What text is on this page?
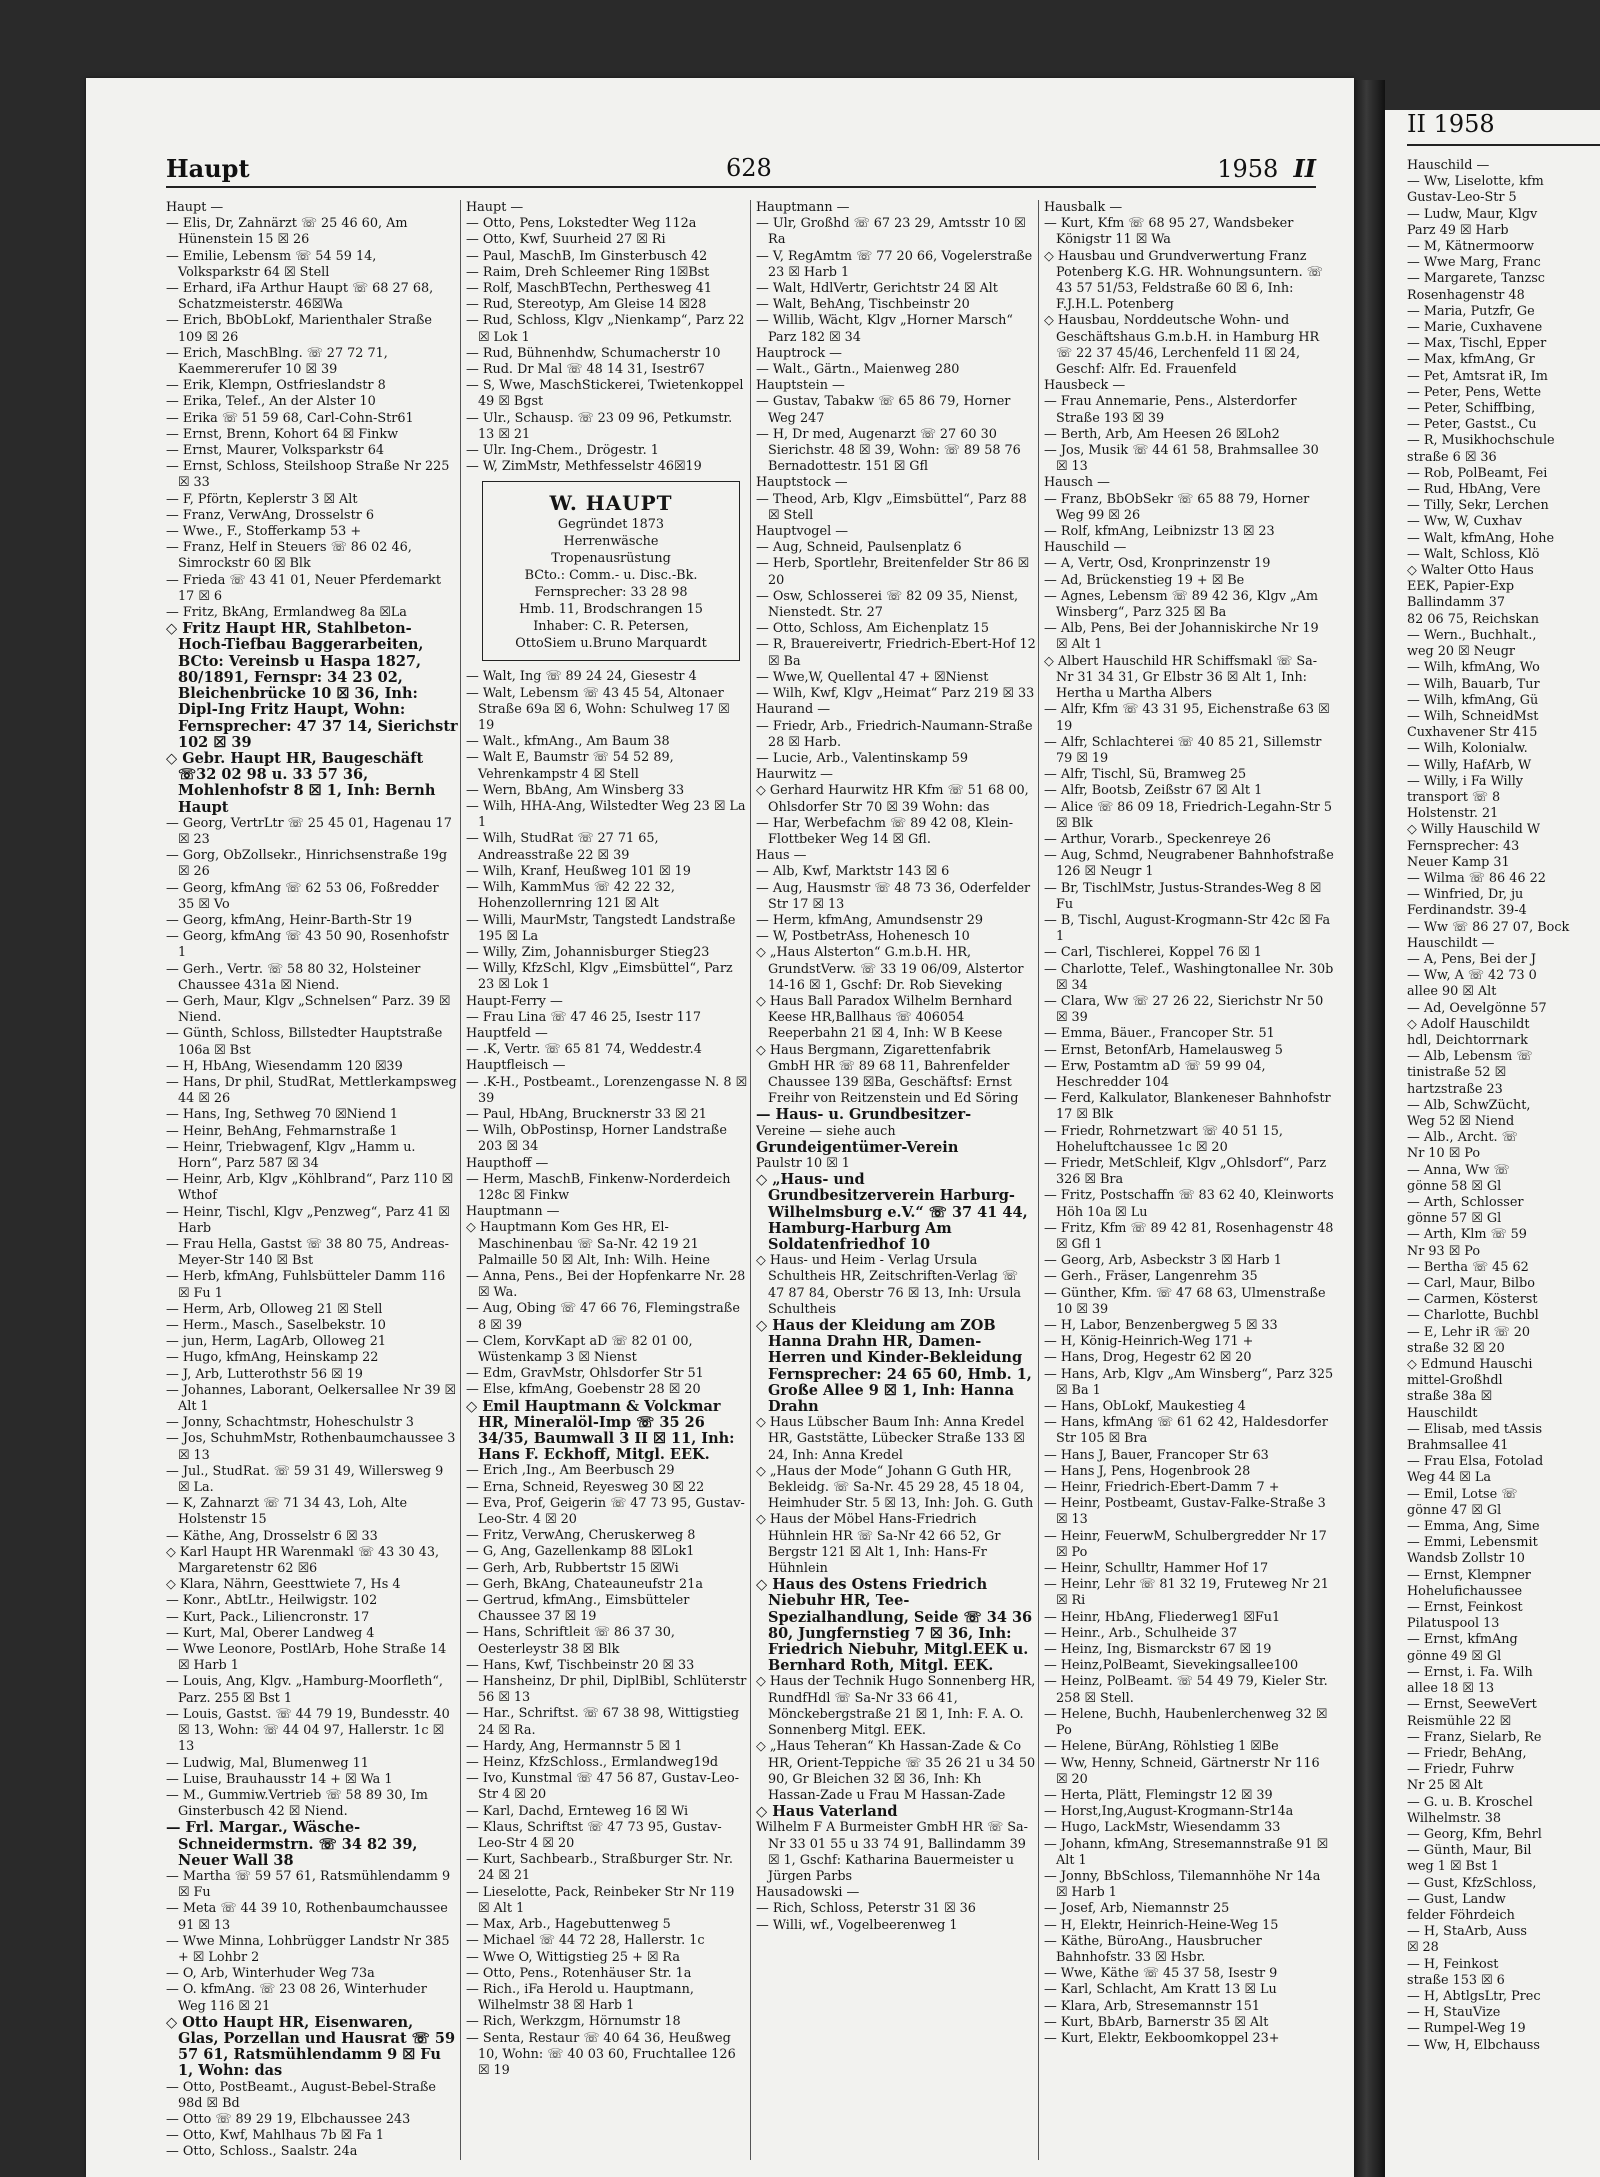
Haupt	628	1958 II

Haupt —

— Elis, Dr, Zahnärzt ☏ 25 46 60, Am Hünenstein 15 ☒ 26

— Emilie, Lebensm ☏ 54 59 14, Volksparkstr 64 ☒ Stell

— Erhard, iFa Arthur Haupt ☏ 68 27 68, Schatzmeisterstr. 46☒Wa

— Erich, BbObLokf, Marienthaler Straße 109 ☒ 26

— Erich, MaschBlng. ☏ 27 72 71, Kaemmererufer 10 ☒ 39

— Erik, Klempn, Ostfrieslandstr 8

— Erika, Telef., An der Alster 10

— Erika ☏ 51 59 68, Carl-Cohn-Str61

— Ernst, Brenn, Kohort 64 ☒ Finkw

— Ernst, Maurer, Volksparkstr 64

— Ernst, Schloss, Steilshoop Straße Nr 225 ☒ 33

— F, Pförtn, Keplerstr 3 ☒ Alt

— Franz, VerwAng, Drosselstr 6

— Wwe., F., Stofferkamp 53 +

— Franz, Helf in Steuers ☏ 86 02 46, Simrockstr 60 ☒ Blk

— Frieda ☏ 43 41 01, Neuer Pferdemarkt 17 ☒ 6

— Fritz, BkAng, Ermlandweg 8a ☒La

◇ Fritz Haupt HR, Stahlbeton-Hoch-Tiefbau Baggerarbeiten, BCto: Vereinsb u Haspa 1827, 80/1891, Fernspr: 34 23 02, Bleichenbrücke 10 ☒ 36, Inh: Dipl-Ing Fritz Haupt, Wohn: Fernsprecher: 47 37 14, Sierichstr 102 ☒ 39

◇ Gebr. Haupt HR, Baugeschäft ☏32 02 98 u. 33 57 36, Mohlenhofstr 8 ☒ 1, Inh: Bernh Haupt

— Georg, VertrLtr ☏ 25 45 01, Hagenau 17 ☒ 23

— Gorg, ObZollsekr., Hinrichsenstraße 19g ☒ 26

— Georg, kfmAng ☏ 62 53 06, Foßredder 35 ☒ Vo

— Georg, kfmAng, Heinr-Barth-Str 19

— Georg, kfmAng ☏ 43 50 90, Rosenhofstr 1

— Gerh., Vertr. ☏ 58 80 32, Holsteiner Chaussee 431a ☒ Niend.

— Gerh, Maur, Klgv „Schnelsen“ Parz. 39 ☒ Niend.

— Günth, Schloss, Billstedter Hauptstraße 106a ☒ Bst

— H, HbAng, Wiesendamm 120 ☒39

— Hans, Dr phil, StudRat, Mettlerkampsweg 44 ☒ 26

— Hans, Ing, Sethweg 70 ☒Niend 1

— Heinr, BehAng, Fehmarnstraße 1

— Heinr, Triebwagenf, Klgv „Hamm u. Horn“, Parz 587 ☒ 34

— Heinr, Arb, Klgv „Köhlbrand“, Parz 110 ☒ Wthof

— Heinr, Tischl, Klgv „Penzweg“, Parz 41 ☒ Harb

— Frau Hella, Gastst ☏ 38 80 75, Andreas-Meyer-Str 140 ☒ Bst

— Herb, kfmAng, Fuhlsbütteler Damm 116 ☒ Fu 1

— Herm, Arb, Olloweg 21 ☒ Stell

— Herm., Masch., Saselbekstr. 10

— jun, Herm, LagArb, Olloweg 21

— Hugo, kfmAng, Heinskamp 22

— J, Arb, Lutterothstr 56 ☒ 19

— Johannes, Laborant, Oelkersallee Nr 39 ☒ Alt 1

— Jonny, Schachtmstr, Hoheschulstr 3

— Jos, SchuhmMstr, Rothenbaumchaussee 3 ☒ 13

— Jul., StudRat. ☏ 59 31 49, Willersweg 9 ☒ La.

— K, Zahnarzt ☏ 71 34 43, Loh, Alte Holstenstr 15

— Käthe, Ang, Drosselstr 6 ☒ 33

◇ Karl Haupt HR Warenmakl ☏ 43 30 43, Margaretenstr 62 ☒6

◇ Klara, Nährn, Geesttwiete 7, Hs 4

— Konr., AbtLtr., Heilwigstr. 102

— Kurt, Pack., Liliencronstr. 17

— Kurt, Mal, Oberer Landweg 4

— Wwe Leonore, PostlArb, Hohe Straße 14 ☒ Harb 1

— Louis, Ang, Klgv. „Hamburg-Moorfleth“, Parz. 255 ☒ Bst 1

— Louis, Gastst. ☏ 44 79 19, Bundesstr. 40 ☒ 13, Wohn: ☏ 44 04 97, Hallerstr. 1c ☒ 13

— Ludwig, Mal, Blumenweg 11

— Luise, Brauhausstr 14 + ☒ Wa 1

— M., Gummiw.Vertrieb ☏ 58 89 30, Im Ginsterbusch 42 ☒ Niend.

— Frl. Margar., Wäsche-Schneidermstrn. ☏ 34 82 39, Neuer Wall 38

— Martha ☏ 59 57 61, Ratsmühlendamm 9 ☒ Fu

— Meta ☏ 44 39 10, Rothenbaumchaussee 91 ☒ 13

— Wwe Minna, Lohbrügger Landstr Nr 385 + ☒ Lohbr 2

— O, Arb, Winterhuder Weg 73a

— O. kfmAng. ☏ 23 08 26, Winterhuder Weg 116 ☒ 21

◇ Otto Haupt HR, Eisenwaren, Glas, Porzellan und Hausrat ☏ 59 57 61, Ratsmühlendamm 9 ☒ Fu 1, Wohn: das

— Otto, PostBeamt., August-Bebel-Straße 98d ☒ Bd

— Otto ☏ 89 29 19, Elbchaussee 243

— Otto, Kwf, Mahlhaus 7b ☒ Fa 1

— Otto, Schloss., Saalstr. 24a

Haupt —

— Otto, Pens, Lokstedter Weg 112a

— Otto, Kwf, Suurheid 27 ☒ Ri

— Paul, MaschB, Im Ginsterbusch 42

— Raim, Dreh Schleemer Ring 1☒Bst

— Rolf, MaschBTechn, Perthesweg 41

— Rud, Stereotyp, Am Gleise 14 ☒28

— Rud, Schloss, Klgv „Nienkamp“, Parz 22 ☒ Lok 1

— Rud, Bühnenhdw, Schumacherstr 10

— Rud. Dr Mal ☏ 48 14 31, Isestr67

— S, Wwe, MaschStickerei, Twietenkoppel 49 ☒ Bgst

— Ulr., Schausp. ☏ 23 09 96, Petkumstr. 13 ☒ 21

— Ulr. Ing-Chem., Drögestr. 1

— W, ZimMstr, Methfesselstr 46☒19

W. HAUPT
Gegründet 1873
Herrenwäsche
Tropenausrüstung
BCto.: Comm.- u. Disc.-Bk.
Fernsprecher: 33 28 98
Hmb. 11, Brodschrangen 15
Inhaber: C. R. Petersen,
OttoSiem u.Bruno Marquardt

— Walt, Ing ☏ 89 24 24, Giesestr 4

— Walt, Lebensm ☏ 43 45 54, Altonaer Straße 69a ☒ 6, Wohn: Schulweg 17 ☒ 19

— Walt., kfmAng., Am Baum 38

— Walt E, Baumstr ☏ 54 52 89, Vehrenkampstr 4 ☒ Stell

— Wern, BbAng, Am Winsberg 33

— Wilh, HHA-Ang, Wilstedter Weg 23 ☒ La 1

— Wilh, StudRat ☏ 27 71 65, Andreasstraße 22 ☒ 39

— Wilh, Kranf, Heußweg 101 ☒ 19

— Wilh, KammMus ☏ 42 22 32, Hohenzollernring 121 ☒ Alt

— Willi, MaurMstr, Tangstedt Landstraße 195 ☒ La

— Willy, Zim, Johannisburger Stieg23

— Willy, KfzSchl, Klgv „Eimsbüttel“, Parz 23 ☒ Lok 1

Haupt-Ferry —

— Frau Lina ☏ 47 46 25, Isestr 117

Hauptfeld —

— .K, Vertr. ☏ 65 81 74, Weddestr.4

Hauptfleisch —

— .K-H., Postbeamt., Lorenzengasse N. 8 ☒ 39

— Paul, HbAng, Brucknerstr 33 ☒ 21

— Wilh, ObPostinsp, Horner Landstraße 203 ☒ 34

Haupthoff —

— Herm, MaschB, Finkenw-Norderdeich 128c ☒ Finkw

Hauptmann —

◇ Hauptmann Kom Ges HR, El-Maschinenbau ☏ Sa-Nr. 42 19 21 Palmaille 50 ☒ Alt, Inh: Wilh. Heine

— Anna, Pens., Bei der Hopfenkarre Nr. 28 ☒ Wa.

— Aug, Obing ☏ 47 66 76, Flemingstraße 8 ☒ 39

— Clem, KorvKapt aD ☏ 82 01 00, Wüstenkamp 3 ☒ Nienst

— Edm, GravMstr, Ohlsdorfer Str 51

— Else, kfmAng, Goebenstr 28 ☒ 20

◇ Emil Hauptmann & Volckmar HR, Mineralöl-Imp ☏ 35 26 34/35, Baumwall 3 II ☒ 11, Inh: Hans F. Eckhoff, Mitgl. EEK.

— Erich ,Ing., Am Beerbusch 29

— Erna, Schneid, Reyesweg 30 ☒ 22

— Eva, Prof, Geigerin ☏ 47 73 95, Gustav-Leo-Str. 4 ☒ 20

— Fritz, VerwAng, Cheruskerweg 8

— G, Ang, Gazellenkamp 88 ☒Lok1

— Gerh, Arb, Rubbertstr 15 ☒Wi

— Gerh, BkAng, Chateauneufstr 21a

— Gertrud, kfmAng., Eimsbütteler Chaussee 37 ☒ 19

— Hans, Schriftleit ☏ 86 37 30, Oesterleystr 38 ☒ Blk

— Hans, Kwf, Tischbeinstr 20 ☒ 33

— Hansheinz, Dr phil, DiplBibl, Schlüterstr 56 ☒ 13

— Har., Schriftst. ☏ 67 38 98, Wittigstieg 24 ☒ Ra.

— Hardy, Ang, Hermannstr 5 ☒ 1

— Heinz, KfzSchloss., Ermlandweg19d

— Ivo, Kunstmal ☏ 47 56 87, Gustav-Leo-Str 4 ☒ 20

— Karl, Dachd, Ernteweg 16 ☒ Wi

— Klaus, Schriftst ☏ 47 73 95, Gustav-Leo-Str 4 ☒ 20

— Kurt, Sachbearb., Straßburger Str. Nr. 24 ☒ 21

— Lieselotte, Pack, Reinbeker Str Nr 119 ☒ Alt 1

— Max, Arb., Hagebuttenweg 5

— Michael ☏ 44 72 28, Hallerstr. 1c

— Wwe O, Wittigstieg 25 + ☒ Ra

— Otto, Pens., Rotenhäuser Str. 1a

— Rich., iFa Herold u. Hauptmann, Wilhelmstr 38 ☒ Harb 1

— Rich, Werkzgm, Hörnumstr 18

— Senta, Restaur ☏ 40 64 36, Heußweg 10, Wohn: ☏ 40 03 60, Fruchtallee 126 ☒ 19

Hauptmann —

— Ulr, Großhd ☏ 67 23 29, Amtsstr 10 ☒ Ra

— V, RegAmtm ☏ 77 20 66, Vogelerstraße 23 ☒ Harb 1

— Walt, HdlVertr, Gerichtstr 24 ☒ Alt

— Walt, BehAng, Tischbeinstr 20

— Willib, Wächt, Klgv „Horner Marsch“ Parz 182 ☒ 34

Hauptrock —

— Walt., Gärtn., Maienweg 280

Hauptstein —

— Gustav, Tabakw ☏ 65 86 79, Horner Weg 247

— H, Dr med, Augenarzt ☏ 27 60 30 Sierichstr. 48 ☒ 39, Wohn: ☏ 89 58 76 Bernadottestr. 151 ☒ Gfl

Hauptstock —

— Theod, Arb, Klgv „Eimsbüttel“, Parz 88 ☒ Stell

Hauptvogel —

— Aug, Schneid, Paulsenplatz 6

— Herb, Sportlehr, Breitenfelder Str 86 ☒ 20

— Osw, Schlosserei ☏ 82 09 35, Nienst, Nienstedt. Str. 27

— Otto, Schloss, Am Eichenplatz 15

— R, Brauereivertr, Friedrich-Ebert-Hof 12 ☒ Ba

— Wwe,W, Quellental 47 + ☒Nienst

— Wilh, Kwf, Klgv „Heimat“ Parz 219 ☒ 33

Haurand —

— Friedr, Arb., Friedrich-Naumann-Straße 28 ☒ Harb.

— Lucie, Arb., Valentinskamp 59

Haurwitz —

◇ Gerhard Haurwitz HR Kfm ☏ 51 68 00, Ohlsdorfer Str 70 ☒ 39 Wohn: das

— Har, Werbefachm ☏ 89 42 08, Klein-Flottbeker Weg 14 ☒ Gfl.

Haus —

— Alb, Kwf, Marktstr 143 ☒ 6

— Aug, Hausmstr ☏ 48 73 36, Oderfelder Str 17 ☒ 13

— Herm, kfmAng, Amundsenstr 29

— W, PostbetrAss, Hohenesch 10

◇ „Haus Alsterton“ G.m.b.H. HR, GrundstVerw. ☏ 33 19 06/09, Alstertor 14-16 ☒ 1, Gschf: Dr. Rob Sieveking

◇ Haus Ball Paradox Wilhelm Bernhard Keese HR,Ballhaus ☏ 406054 Reeperbahn 21 ☒ 4, Inh: W B Keese

◇ Haus Bergmann, Zigarettenfabrik GmbH HR ☏ 89 68 11, Bahrenfelder Chaussee 139 ☒Ba, Geschäftsf: Ernst Freihr von Reitzenstein und Ed Söring

— Haus- u. Grundbesitzer-

Vereine — siehe auch

Grundeigentümer-Verein

Paulstr 10 ☒ 1

◇ „Haus- und Grundbesitzerverein Harburg-Wilhelmsburg e.V.“ ☏ 37 41 44, Hamburg-Harburg Am Soldatenfriedhof 10

◇ Haus- und Heim - Verlag Ursula Schultheis HR, Zeitschriften-Verlag ☏ 47 87 84, Oberstr 76 ☒ 13, Inh: Ursula Schultheis

◇ Haus der Kleidung am ZOB Hanna Drahn HR, Damen-Herren und Kinder-Bekleidung Fernsprecher: 24 65 60, Hmb. 1, Große Allee 9 ☒ 1, Inh: Hanna Drahn

◇ Haus Lübscher Baum Inh: Anna Kredel HR, Gaststätte, Lübecker Straße 133 ☒ 24, Inh: Anna Kredel

◇ „Haus der Mode“ Johann G Guth HR, Bekleidg. ☏ Sa-Nr. 45 29 28, 45 18 04, Heimhuder Str. 5 ☒ 13, Inh: Joh. G. Guth

◇ Haus der Möbel Hans-Friedrich Hühnlein HR ☏ Sa-Nr 42 66 52, Gr Bergstr 121 ☒ Alt 1, Inh: Hans-Fr Hühnlein

◇ Haus des Ostens Friedrich Niebuhr HR, Tee-Spezialhandlung, Seide ☏ 34 36 80, Jungfernstieg 7 ☒ 36, Inh: Friedrich Niebuhr, Mitgl.EEK u. Bernhard Roth, Mitgl. EEK.

◇ Haus der Technik Hugo Sonnenberg HR, RundfHdl ☏ Sa-Nr 33 66 41, Mönckebergstraße 21 ☒ 1, Inh: F. A. O. Sonnenberg Mitgl. EEK.

◇ „Haus Teheran“ Kh Hassan-Zade & Co HR, Orient-Teppiche ☏ 35 26 21 u 34 50 90, Gr Bleichen 32 ☒ 36, Inh: Kh Hassan-Zade u Frau M Hassan-Zade

◇ Haus Vaterland

Wilhelm F A Burmeister GmbH HR ☏ Sa-Nr 33 01 55 u 33 74 91, Ballindamm 39 ☒ 1, Gschf: Katharina Bauermeister u Jürgen Parbs

Hausadowski —

— Rich, Schloss, Peterstr 31 ☒ 36

— Willi, wf., Vogelbeerenweg 1

Hausbalk —

— Kurt, Kfm ☏ 68 95 27, Wandsbeker Königstr 11 ☒ Wa

◇ Hausbau und Grundverwertung Franz Potenberg K.G. HR. Wohnungsuntern. ☏ 43 57 51/53, Feldstraße 60 ☒ 6, Inh: F.J.H.L. Potenberg

◇ Hausbau, Norddeutsche Wohn- und Geschäftshaus G.m.b.H. in Hamburg HR ☏ 22 37 45/46, Lerchenfeld 11 ☒ 24, Geschf: Alfr. Ed. Frauenfeld

Hausbeck —

— Frau Annemarie, Pens., Alsterdorfer Straße 193 ☒ 39

— Berth, Arb, Am Heesen 26 ☒Loh2

— Jos, Musik ☏ 44 61 58, Brahmsallee 30 ☒ 13

Hausch —

— Franz, BbObSekr ☏ 65 88 79, Horner Weg 99 ☒ 26

— Rolf, kfmAng, Leibnizstr 13 ☒ 23

Hauschild —

— A, Vertr, Osd, Kronprinzenstr 19

— Ad, Brückenstieg 19 + ☒ Be

— Agnes, Lebensm ☏ 89 42 36, Klgv „Am Winsberg“, Parz 325 ☒ Ba

— Alb, Pens, Bei der Johanniskirche Nr 19 ☒ Alt 1

◇ Albert Hauschild HR Schiffsmakl ☏ Sa-Nr 31 34 31, Gr Elbstr 36 ☒ Alt 1, Inh: Hertha u Martha Albers

— Alfr, Kfm ☏ 43 31 95, Eichenstraße 63 ☒ 19

— Alfr, Schlachterei ☏ 40 85 21, Sillemstr 79 ☒ 19

— Alfr, Tischl, Sü, Bramweg 25

— Alfr, Bootsb, Zeißstr 67 ☒ Alt 1

— Alice ☏ 86 09 18, Friedrich-Legahn-Str 5 ☒ Blk

— Arthur, Vorarb., Speckenreye 26

— Aug, Schmd, Neugrabener Bahnhofstraße 126 ☒ Neugr 1

— Br, TischlMstr, Justus-Strandes-Weg 8 ☒ Fu

— B, Tischl, August-Krogmann-Str 42c ☒ Fa 1

— Carl, Tischlerei, Koppel 76 ☒ 1

— Charlotte, Telef., Washingtonallee Nr. 30b ☒ 34

— Clara, Ww ☏ 27 26 22, Sierichstr Nr 50 ☒ 39

— Emma, Bäuer., Francoper Str. 51

— Ernst, BetonfArb, Hamelausweg 5

— Erw, Postamtm aD ☏ 59 99 04, Heschredder 104

— Ferd, Kalkulator, Blankeneser Bahnhofstr 17 ☒ Blk

— Friedr, Rohrnetzwart ☏ 40 51 15, Hoheluftchaussee 1c ☒ 20

— Friedr, MetSchleif, Klgv „Ohlsdorf“, Parz 326 ☒ Bra

— Fritz, Postschaffn ☏ 83 62 40, Kleinworts Höh 10a ☒ Lu

— Fritz, Kfm ☏ 89 42 81, Rosenhagenstr 48 ☒ Gfl 1

— Georg, Arb, Asbeckstr 3 ☒ Harb 1

— Gerh., Fräser, Langenrehm 35

— Günther, Kfm. ☏ 47 68 63, Ulmenstraße 10 ☒ 39

— H, Labor, Benzenbergweg 5 ☒ 33

— H, König-Heinrich-Weg 171 +

— Hans, Drog, Hegestr 62 ☒ 20

— Hans, Arb, Klgv „Am Winsberg“, Parz 325 ☒ Ba 1

— Hans, ObLokf, Maukestieg 4

— Hans, kfmAng ☏ 61 62 42, Haldesdorfer Str 105 ☒ Bra

— Hans J, Bauer, Francoper Str 63

— Hans J, Pens, Hogenbrook 28

— Heinr, Friedrich-Ebert-Damm 7 +

— Heinr, Postbeamt, Gustav-Falke-Straße 3 ☒ 13

— Heinr, FeuerwM, Schulbergredder Nr 17 ☒ Po

— Heinr, Schulltr, Hammer Hof 17

— Heinr, Lehr ☏ 81 32 19, Fruteweg Nr 21 ☒ Ri

— Heinr, HbAng, Fliederweg1 ☒Fu1

— Heinr., Arb., Schulheide 37

— Heinz, Ing, Bismarckstr 67 ☒ 19

— Heinz,PolBeamt, Sievekingsallee100

— Heinz, PolBeamt. ☏ 54 49 79, Kieler Str. 258 ☒ Stell.

— Helene, Buchh, Haubenlerchenweg 32 ☒ Po

— Helene, BürAng, Röhlstieg 1 ☒Be

— Ww, Henny, Schneid, Gärtnerstr Nr 116 ☒ 20

— Herta, Plätt, Flemingstr 12 ☒ 39

— Horst,Ing,August-Krogmann-Str14a

— Hugo, LackMstr, Wiesendamm 33

— Johann, kfmAng, Stresemannstraße 91 ☒ Alt 1

— Jonny, BbSchloss, Tilemannhöhe Nr 14a ☒ Harb 1

— Josef, Arb, Niemannstr 25

— H, Elektr, Heinrich-Heine-Weg 15

— Käthe, BüroAng., Hausbrucher Bahnhofstr. 33 ☒ Hsbr.

— Wwe, Käthe ☏ 45 37 58, Isestr 9

— Karl, Schlacht, Am Kratt 13 ☒ Lu

— Klara, Arb, Stresemannstr 151

— Kurt, BbArb, Barnerstr 35 ☒ Alt

— Kurt, Elektr, Eekboomkoppel 23+

II 1958
Hauschild —
— Ww, Liselotte, kfm
Gustav-Leo-Str 5
— Ludw, Maur, Klgv
Parz 49 ☒ Harb
— M, Kätnermoorw
— Wwe Marg, Franc
— Margarete, Tanzsc
Rosenhagenstr 48
— Maria, Putzfr, Ge
— Marie, Cuxhavene
— Max, Tischl, Epper
— Max, kfmAng, Gr
— Pet, Amtsrat iR, Im
— Peter, Pens, Wette
— Peter, Schiffbing,
— Peter, Gastst., Cu
— R, Musikhochschule
straße 6 ☒ 36
— Rob, PolBeamt, Fei
— Rud, HbAng, Vere
— Tilly, Sekr, Lerchen
— Ww, W, Cuxhav
— Walt, kfmAng, Hohe
— Walt, Schloss, Klö
◇ Walter Otto Haus
EEK, Papier-Exp
Ballindamm 37
82 06 75, Reichskan
— Wern., Buchhalt.,
weg 20 ☒ Neugr
— Wilh, kfmAng, Wo
— Wilh, Bauarb, Tur
— Wilh, kfmAng, Gü
— Wilh, SchneidMst
Cuxhavener Str 415
— Wilh, Kolonialw.
— Willy, HafArb, W
— Willy, i Fa Willy
transport ☏ 8
Holstenstr. 21
◇ Willy Hauschild W
Fernsprecher: 43
Neuer Kamp 31
— Wilma ☏ 86 46 22
— Winfried, Dr, ju
Ferdinandstr. 39-4
— Ww ☏ 86 27 07, Bock
Hauschildt —
— A, Pens, Bei der J
— Ww, A ☏ 42 73 0
allee 90 ☒ Alt
— Ad, Oevelgönne 57
◇ Adolf Hauschildt
hdl, Deichtorrnark
— Alb, Lebensm ☏
tinistraße 52 ☒
hartzstraße 23
— Alb, SchwZücht,
Weg 52 ☒ Niend
— Alb., Archt. ☏
Nr 10 ☒ Po
— Anna, Ww ☏
gönne 58 ☒ Gl
— Arth, Schlosser
gönne 57 ☒ Gl
— Arth, Klm ☏ 59
Nr 93 ☒ Po
— Bertha ☏ 45 62
— Carl, Maur, Bilbo
— Carmen, Kösterst
— Charlotte, Buchbl
— E, Lehr iR ☏ 20
straße 32 ☒ 20
◇ Edmund Hauschi
mittel-Großhdl
straße 38a ☒
Hauschildt
— Elisab, med tAssis
Brahmsallee 41
— Frau Elsa, Fotolad
Weg 44 ☒ La
— Emil, Lotse ☏
gönne 47 ☒ Gl
— Emma, Ang, Sime
— Emmi, Lebensmit
Wandsb Zollstr 10
— Ernst, Klempner
Hohelufichaussee
— Ernst, Feinkost
Pilatuspool 13
— Ernst, kfmAng
gönne 49 ☒ Gl
— Ernst, i. Fa. Wilh
allee 18 ☒ 13
— Ernst, SeeweVert
Reismühle 22 ☒
— Franz, Sielarb, Re
— Friedr, BehAng,
— Friedr, Fuhrw
Nr 25 ☒ Alt
— G. u. B. Kroschel
Wilhelmstr. 38
— Georg, Kfm, Behrl
— Günth, Maur, Bil
weg 1 ☒ Bst 1
— Gust, KfzSchloss,
— Gust, Landw
felder Föhrdeich
— H, StaArb, Auss
☒ 28
— H, Feinkost
straße 153 ☒ 6
— H, AbtlgsLtr, Prec
— H, StauVize
— Rumpel-Weg 19
— Ww, H, Elbchauss
